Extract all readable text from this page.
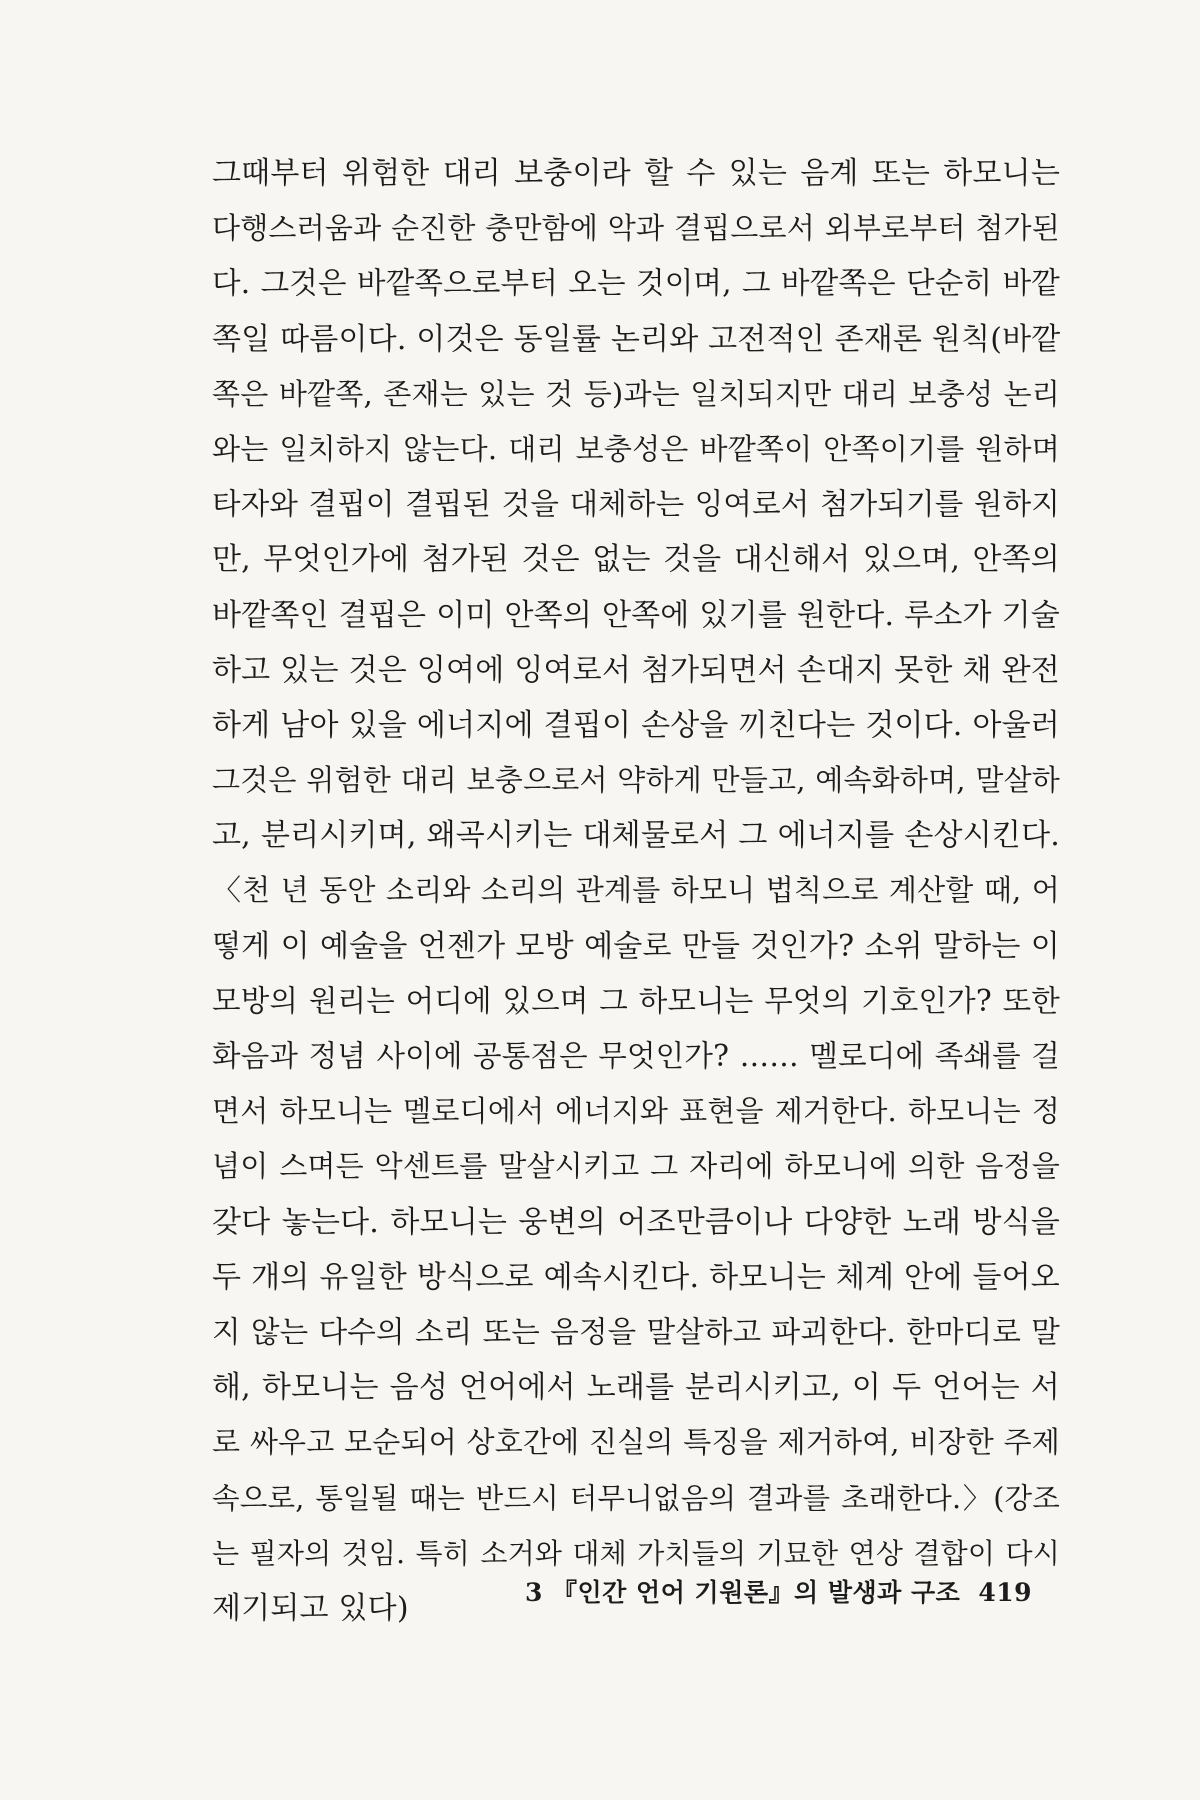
그때부터 위험한 대리 보충이라 할 수 있는 음계 또는 하모니는
다행스러움과 순진한 충만함에 악과 결핍으로서 외부로부터 첨가된
다. 그것은 바깥쪽으로부터 오는 것이며, 그 바깥쪽은 단순히 바깥
쪽일 따름이다. 이것은 동일률 논리와 고전적인 존재론 원칙(바깥
쪽은 바깥쪽, 존재는 있는 것 등)과는 일치되지만 대리 보충성 논리
와는 일치하지 않는다. 대리 보충성은 바깥쪽이 안쪽이기를 원하며
타자와 결핍이 결핍된 것을 대체하는 잉여로서 첨가되기를 원하지
만, 무엇인가에 첨가된 것은 없는 것을 대신해서 있으며, 안쪽의
바깥쪽인 결핍은 이미 안쪽의 안쪽에 있기를 원한다. 루소가 기술
하고 있는 것은 잉여에 잉여로서 첨가되면서 손대지 못한 채 완전
하게 남아 있을 에너지에 결핍이 손상을 끼친다는 것이다. 아울러
그것은 위험한 대리 보충으로서 약하게 만들고, 예속화하며, 말살하
고, 분리시키며, 왜곡시키는 대체물로서 그 에너지를 손상시킨다.
〈천 년 동안 소리와 소리의 관계를 하모니 법칙으로 계산할 때, 어
떻게 이 예술을 언젠가 모방 예술로 만들 것인가? 소위 말하는 이
모방의 원리는 어디에 있으며 그 하모니는 무엇의 기호인가? 또한
화음과 정념 사이에 공통점은 무엇인가? …… 멜로디에 족쇄를 걸
면서 하모니는 멜로디에서 에너지와 표현을 제거한다. 하모니는 정
념이 스며든 악센트를 말살시키고 그 자리에 하모니에 의한 음정을
갖다 놓는다. 하모니는 웅변의 어조만큼이나 다양한 노래 방식을
두 개의 유일한 방식으로 예속시킨다. 하모니는 체계 안에 들어오
지 않는 다수의 소리 또는 음정을 말살하고 파괴한다. 한마디로 말
해, 하모니는 음성 언어에서 노래를 분리시키고, 이 두 언어는 서
로 싸우고 모순되어 상호간에 진실의 특징을 제거하여, 비장한 주제
속으로, 통일될 때는 반드시 터무니없음의 결과를 초래한다.〉(강조
는 필자의 것임. 특히 소거와 대체 가치들의 기묘한 연상 결합이 다시
제기되고 있다)	3 『인간 언어 기원론』의 발생과 구조 419
